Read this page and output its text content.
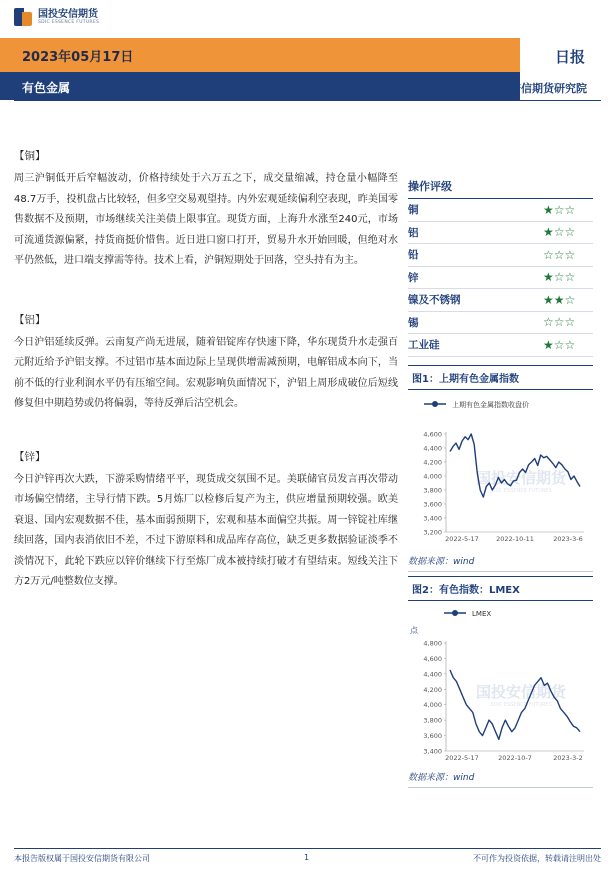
国投安信期货
SDIC ESSENCE FUTURES
2023年05月17日
有色金属
日报
国投安信期货研究院
【铜】

周三沪铜低开后窄幅波动，价格持续处于六万五之下，成交量缩减，持仓量小幅降至48.7万手，投机盘占比较轻，但多空交易观望持。内外宏观延续偏利空表现，昨美国零售数据不及预期，市场继续关注美债上限事宜。现货方面，上海升水涨至240元，市场可流通货源偏紧，持货商挺价惜售。近日进口窗口打开，贸易升水开始回暖，但绝对水平仍然低，进口端支撑需等待。技术上看，沪铜短期处于回落，空头持有为主。

【铝】

今日沪铝延续反弹。云南复产尚无进展，随着铝锭库存快速下降，华东现货升水走强百元附近给予沪铝支撑。不过铝市基本面边际上呈现供增需减预期，电解铝成本向下，当前不低的行业利润水平仍有压缩空间。宏观影响负面情况下，沪铝上周形成破位后短线修复但中期趋势或仍将偏弱，等待反弹后沽空机会。

【锌】

今日沪锌再次大跌，下游采购情绪平平，现货成交氛围不足。美联储官员发言再次带动市场偏空情绪，主导行情下跌。5月炼厂以检修后复产为主，供应增量预期较强。欧美衰退、国内宏观数据不佳，基本面弱预期下，宏观和基本面偏空共振。周一锌锭社库继续回落，国内表消依旧不差，不过下游原料和成品库存高位，缺乏更多数据验证淡季不淡情况下，此轮下跌应以锌价继续下行至炼厂成本被持续打破才有望结束。短线关注下方2万元/吨整数位支撑。

操作评级
铜	★☆☆
铝	★☆☆
铅	☆☆☆
锌	★☆☆
镍及不锈钢	★★☆
锡	☆☆☆
工业硅	★☆☆
图1：上期有色金属指数
上期有色金属指数收盘价
3,200
3,400
3,600
3,800
4,000
4,200
4,400
4,600
国投安信期货
SDIC ESSENCE FUTURES
2022-5-17	2022-10-11	2023-3-6
数据来源：wind
图2：有色指数：LMEX
LMEX
点
3,400
3,600
3,800
4,000
4,200
4,400
4,600
4,800
国投安信期货
SDIC ESSENCE FUTURES
2022-5-17	2022-10-7	2023-3-2
数据来源：wind
本报告版权属于国投安信期货有限公司	1	不可作为投资依据，转载请注明出处
